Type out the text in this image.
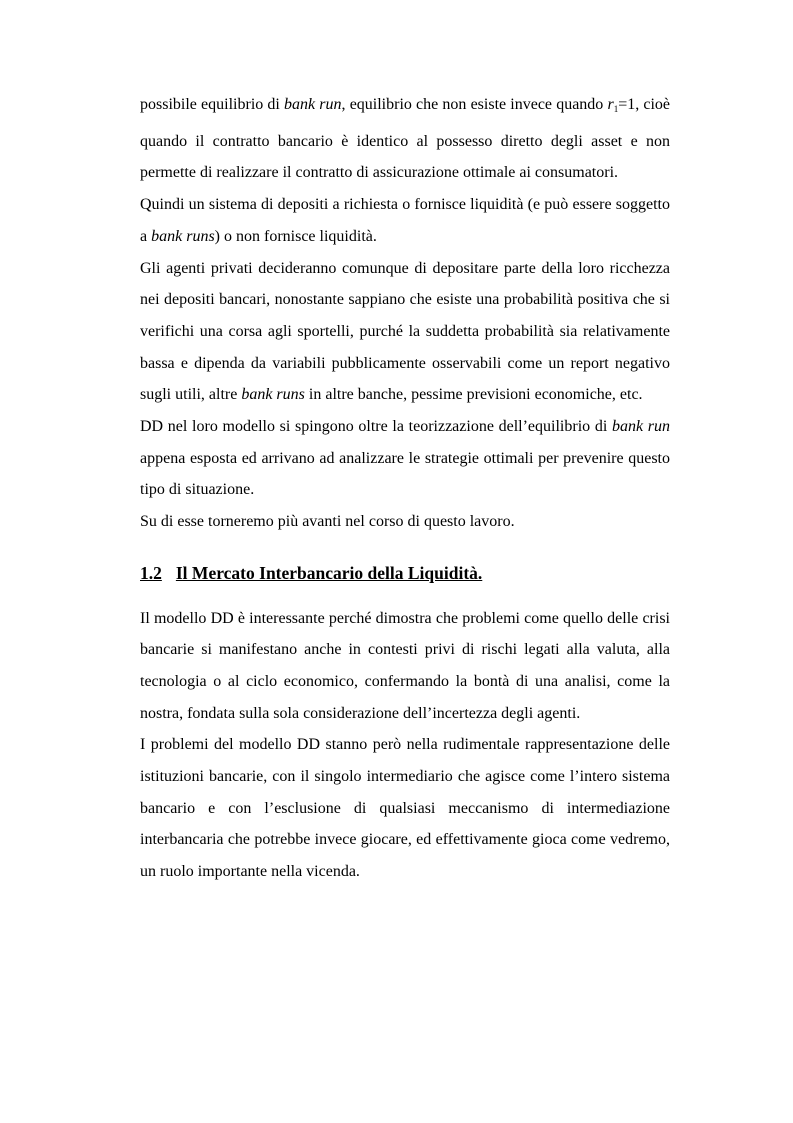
possibile equilibrio di bank run, equilibrio che non esiste invece quando $r_1=1$, cioè quando il contratto bancario è identico al possesso diretto degli asset e non permette di realizzare il contratto di assicurazione ottimale ai consumatori.

Quindi un sistema di depositi a richiesta o fornisce liquidità (e può essere soggetto a bank runs) o non fornisce liquidità.

Gli agenti privati decideranno comunque di depositare parte della loro ricchezza nei depositi bancari, nonostante sappiano che esiste una probabilità positiva che si verifichi una corsa agli sportelli, purché la suddetta probabilità sia relativamente bassa e dipenda da variabili pubblicamente osservabili come un report negativo sugli utili, altre bank runs in altre banche, pessime previsioni economiche, etc.

DD nel loro modello si spingono oltre la teorizzazione dell’equilibrio di bank run appena esposta ed arrivano ad analizzare le strategie ottimali per prevenire questo tipo di situazione.

Su di esse torneremo più avanti nel corso di questo lavoro.

1.2 Il Mercato Interbancario della Liquidità.

Il modello DD è interessante perché dimostra che problemi come quello delle crisi bancarie si manifestano anche in contesti privi di rischi legati alla valuta, alla tecnologia o al ciclo economico, confermando la bontà di una analisi, come la nostra, fondata sulla sola considerazione dell’incertezza degli agenti.

I problemi del modello DD stanno però nella rudimentale rappresentazione delle istituzioni bancarie, con il singolo intermediario che agisce come l’intero sistema bancario e con l’esclusione di qualsiasi meccanismo di intermediazione interbancaria che potrebbe invece giocare, ed effettivamente gioca come vedremo, un ruolo importante nella vicenda.
